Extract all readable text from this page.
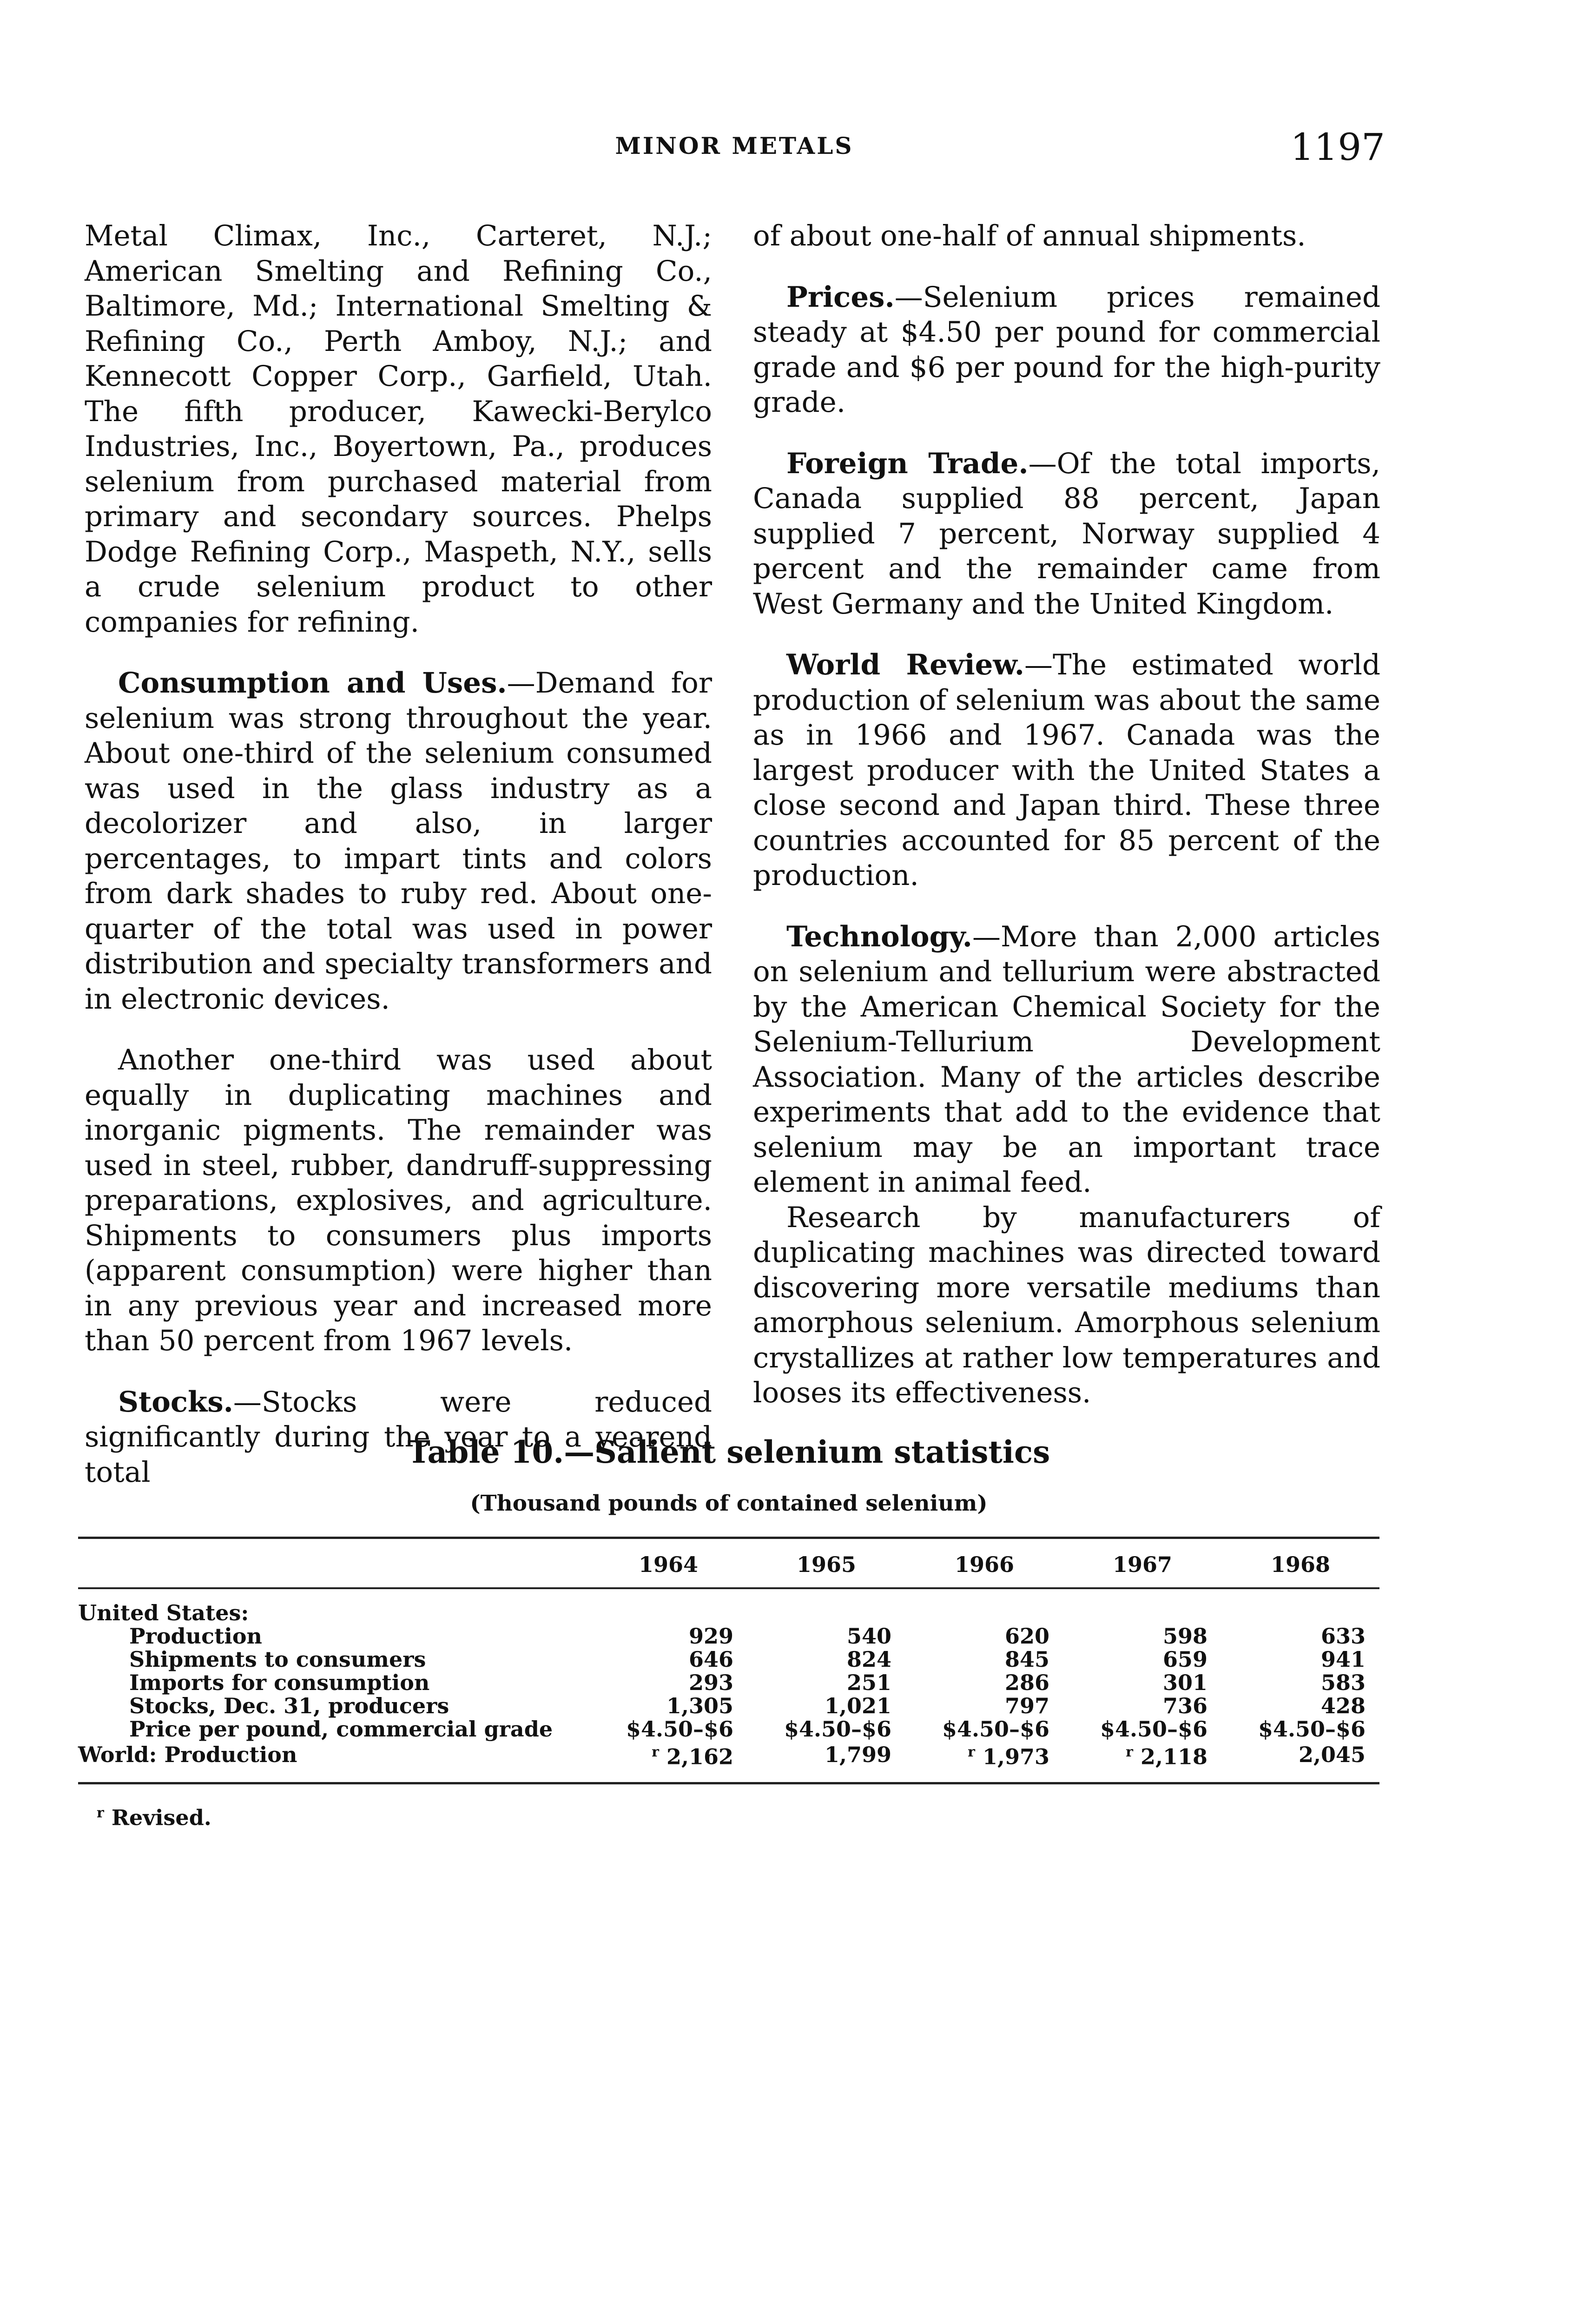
MINOR METALS	1197

Metal Climax, Inc., Carteret, N.J.; American Smelting and Refining Co., Baltimore, Md.; International Smelting & Refining Co., Perth Amboy, N.J.; and Kennecott Copper Corp., Garfield, Utah. The fifth producer, Kawecki-Berylco Industries, Inc., Boyertown, Pa., produces selenium from purchased material from primary and secondary sources. Phelps Dodge Refining Corp., Maspeth, N.Y., sells a crude selenium product to other companies for refining.

Consumption and Uses.—Demand for selenium was strong throughout the year. About one-third of the selenium consumed was used in the glass industry as a decolorizer and also, in larger percentages, to impart tints and colors from dark shades to ruby red. About one-quarter of the total was used in power distribution and specialty transformers and in electronic devices.

Another one-third was used about equally in duplicating machines and inorganic pigments. The remainder was used in steel, rubber, dandruff-suppressing preparations, explosives, and agriculture. Shipments to consumers plus imports (apparent consumption) were higher than in any previous year and increased more than 50 percent from 1967 levels.

Stocks.—Stocks were reduced significantly during the year to a yearend total

of about one-half of annual shipments.

Prices.—Selenium prices remained steady at $4.50 per pound for commercial grade and $6 per pound for the high-purity grade.

Foreign Trade.—Of the total imports, Canada supplied 88 percent, Japan supplied 7 percent, Norway supplied 4 percent and the remainder came from West Germany and the United Kingdom.

World Review.—The estimated world production of selenium was about the same as in 1966 and 1967. Canada was the largest producer with the United States a close second and Japan third. These three countries accounted for 85 percent of the production.

Technology.—More than 2,000 articles on selenium and tellurium were abstracted by the American Chemical Society for the Selenium-Tellurium Development Association. Many of the articles describe experiments that add to the evidence that selenium may be an important trace element in animal feed.

Research by manufacturers of duplicating machines was directed toward discovering more versatile mediums than amorphous selenium. Amorphous selenium crystallizes at rather low temperatures and looses its effectiveness.

Table 10.—Salient selenium statistics
(Thousand pounds of contained selenium)
	1964	1965	1966	1967	1968
United States:					
Production	929	540	620	598	633
Shipments to consumers	646	824	845	659	941
Imports for consumption	293	251	286	301	583
Stocks, Dec. 31, producers	1,305	1,021	797	736	428
Price per pound, commercial grade	$4.50–$6	$4.50–$6	$4.50–$6	$4.50–$6	$4.50–$6
World: Production	$^r$ 2,162	1,799	$^r$ 1,973	$^r$ 2,118	2,045
$^r$ Revised.
